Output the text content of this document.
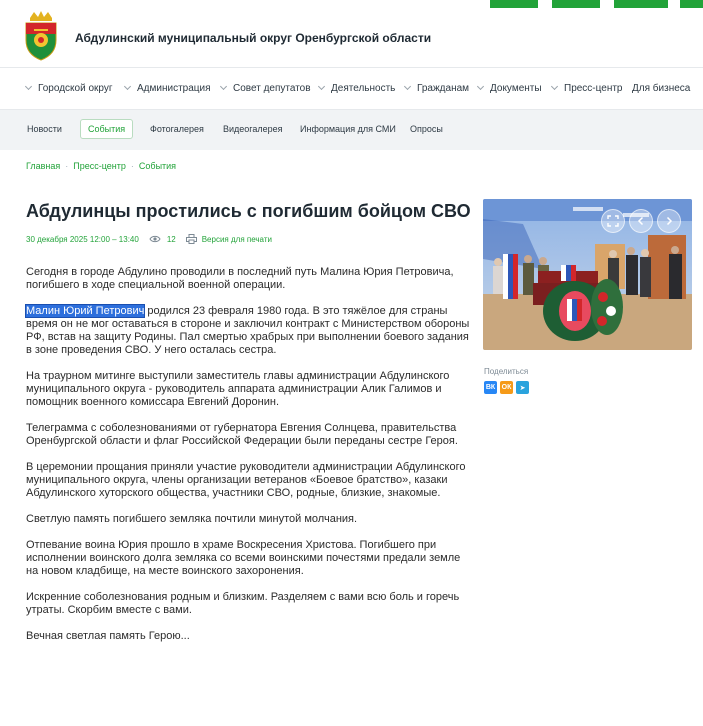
Абдулинский муниципальный округ Оренбургской области
Городской округ	Администрация	Совет депутатов	Деятельность	Гражданам	Документы	Пресс-центр Для бизнеса
Новости	События	Фотогалерея Видеогалерея Информация для СМИ Опросы
Главная · Пресс-центр · События
Абдулинцы простились с погибшим бойцом СВО
30 декабря 2025 12:00 – 13:40	12	Версия для печати

Сегодня в городе Абдулино проводили в последний путь Малина Юрия Петровича, погибшего в ходе специальной военной операции.

Малин Юрий Петрович родился 23 февраля 1980 года. В это тяжёлое для страны время он не мог оставаться в стороне и заключил контракт с Министерством обороны РФ, встав на защиту Родины. Пал смертью храбрых при выполнении боевого задания в зоне проведения СВО. У него осталась сестра.

На траурном митинге выступили заместитель главы администрации Абдулинского муниципального округа - руководитель аппарата администрации Алик Галимов и помощник военного комиссара Евгений Доронин.

Телеграмма с соболезнованиями от губернатора Евгения Солнцева, правительства Оренбургской области и флаг Российской Федерации были переданы сестре Героя.

В церемонии прощания приняли участие руководители администрации Абдулинского муниципального округа, члены организации ветеранов «Боевое братство», казаки Абдулинского хуторского общества, участники СВО, родные, близкие, знакомые.

Светлую память погибшего земляка почтили минутой молчания.

Отпевание воина Юрия прошло в храме Воскресения Христова. Погибшего при исполнении воинского долга земляка со всеми воинскими почестями предали земле на новом кладбище, на месте воинского захоронения.

Искренние соболезнования родным и близким. Разделяем с вами всю боль и горечь утраты. Скорбим вместе с вами.

Вечная светлая память Герою...

Поделиться
ВК ОК	➤
